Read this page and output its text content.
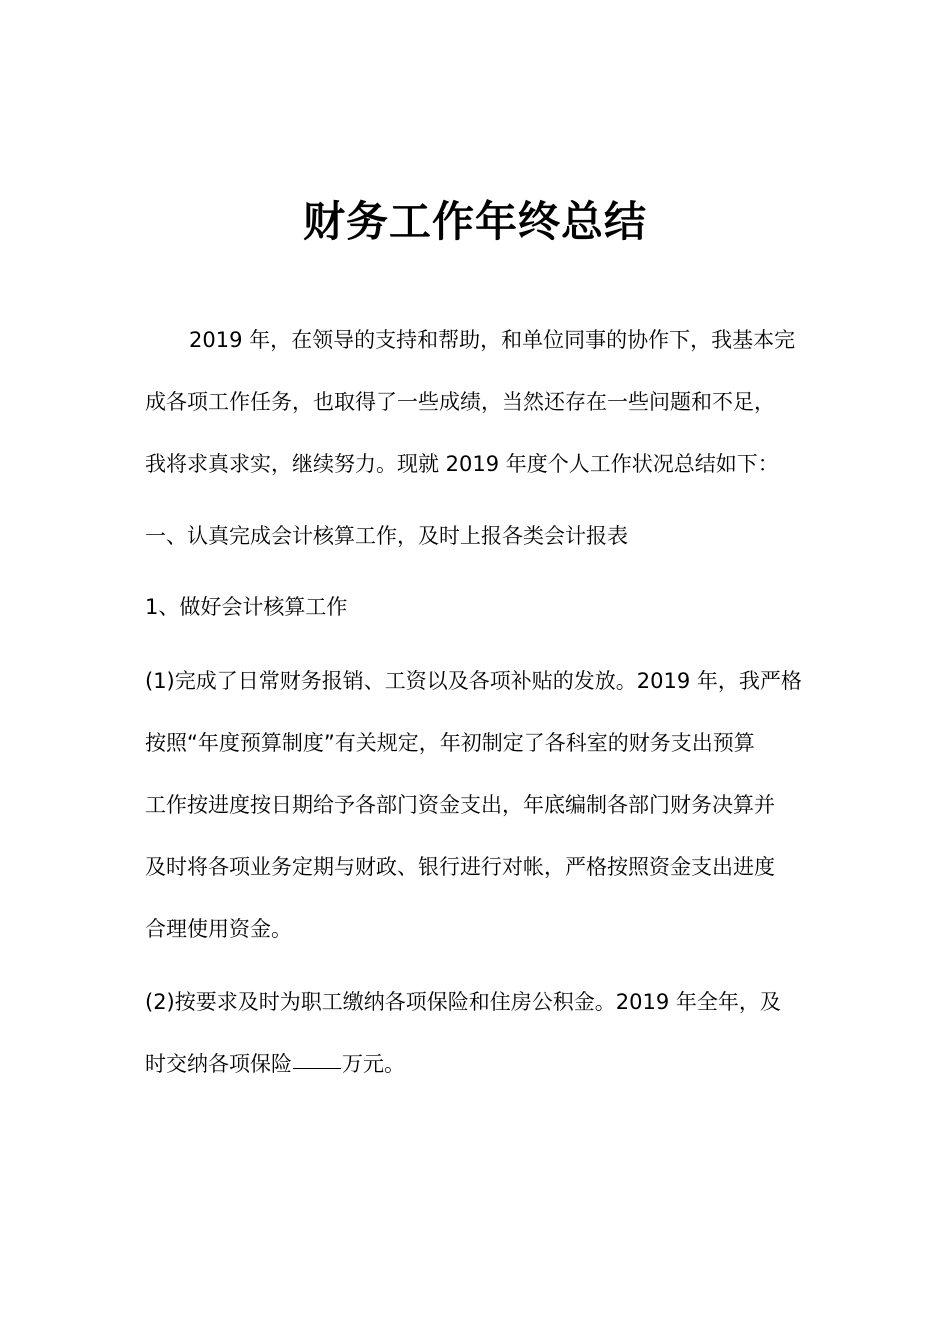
财务工作年终总结
2019 年，在领导的支持和帮助，和单位同事的协作下，我基本完
成各项工作任务，也取得了一些成绩，当然还存在一些问题和不足，
我将求真求实，继续努力。现就 2019 年度个人工作状况总结如下：
一、认真完成会计核算工作，及时上报各类会计报表
1、做好会计核算工作
(1)完成了日常财务报销、工资以及各项补贴的发放。2019 年，我严格
按照“年度预算制度”有关规定，年初制定了各科室的财务支出预算
工作按进度按日期给予各部门资金支出，年底编制各部门财务决算并
及时将各项业务定期与财政、银行进行对帐，严格按照资金支出进度
合理使用资金。
(2)按要求及时为职工缴纳各项保险和住房公积金。2019 年全年，及
时交纳各项保险 万元。
